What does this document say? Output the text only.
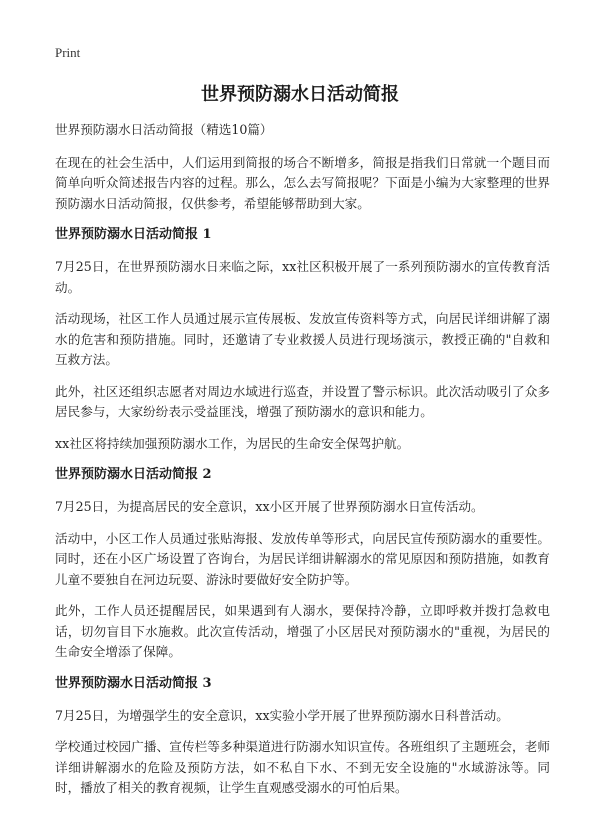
Print
世界预防溺水日活动简报

世界预防溺水日活动简报（精选10篇）

在现在的社会生活中，人们运用到简报的场合不断增多，简报是指我们日常就一个题目而简单向听众简述报告内容的过程。那么，怎么去写简报呢？下面是小编为大家整理的世界预防溺水日活动简报，仅供参考，希望能够帮助到大家。

世界预防溺水日活动简报 1

7月25日，在世界预防溺水日来临之际，xx社区积极开展了一系列预防溺水的宣传教育活动。

活动现场，社区工作人员通过展示宣传展板、发放宣传资料等方式，向居民详细讲解了溺水的危害和预防措施。同时，还邀请了专业救援人员进行现场演示，教授正确的"自救和互救方法。

此外，社区还组织志愿者对周边水域进行巡查，并设置了警示标识。此次活动吸引了众多居民参与，大家纷纷表示受益匪浅，增强了预防溺水的意识和能力。

xx社区将持续加强预防溺水工作，为居民的生命安全保驾护航。

世界预防溺水日活动简报 2

7月25日，为提高居民的安全意识，xx小区开展了世界预防溺水日宣传活动。

活动中，小区工作人员通过张贴海报、发放传单等形式，向居民宣传预防溺水的重要性。同时，还在小区广场设置了咨询台，为居民详细讲解溺水的常见原因和预防措施，如教育儿童不要独自在河边玩耍、游泳时要做好安全防护等。

此外，工作人员还提醒居民，如果遇到有人溺水，要保持冷静，立即呼救并拨打急救电话，切勿盲目下水施救。此次宣传活动，增强了小区居民对预防溺水的"重视，为居民的生命安全增添了保障。

世界预防溺水日活动简报 3

7月25日，为增强学生的安全意识，xx实验小学开展了世界预防溺水日科普活动。

学校通过校园广播、宣传栏等多种渠道进行防溺水知识宣传。各班组织了主题班会，老师详细讲解溺水的危险及预防方法，如不私自下水、不到无安全设施的"水域游泳等。同时，播放了相关的教育视频，让学生直观感受溺水的可怕后果。
